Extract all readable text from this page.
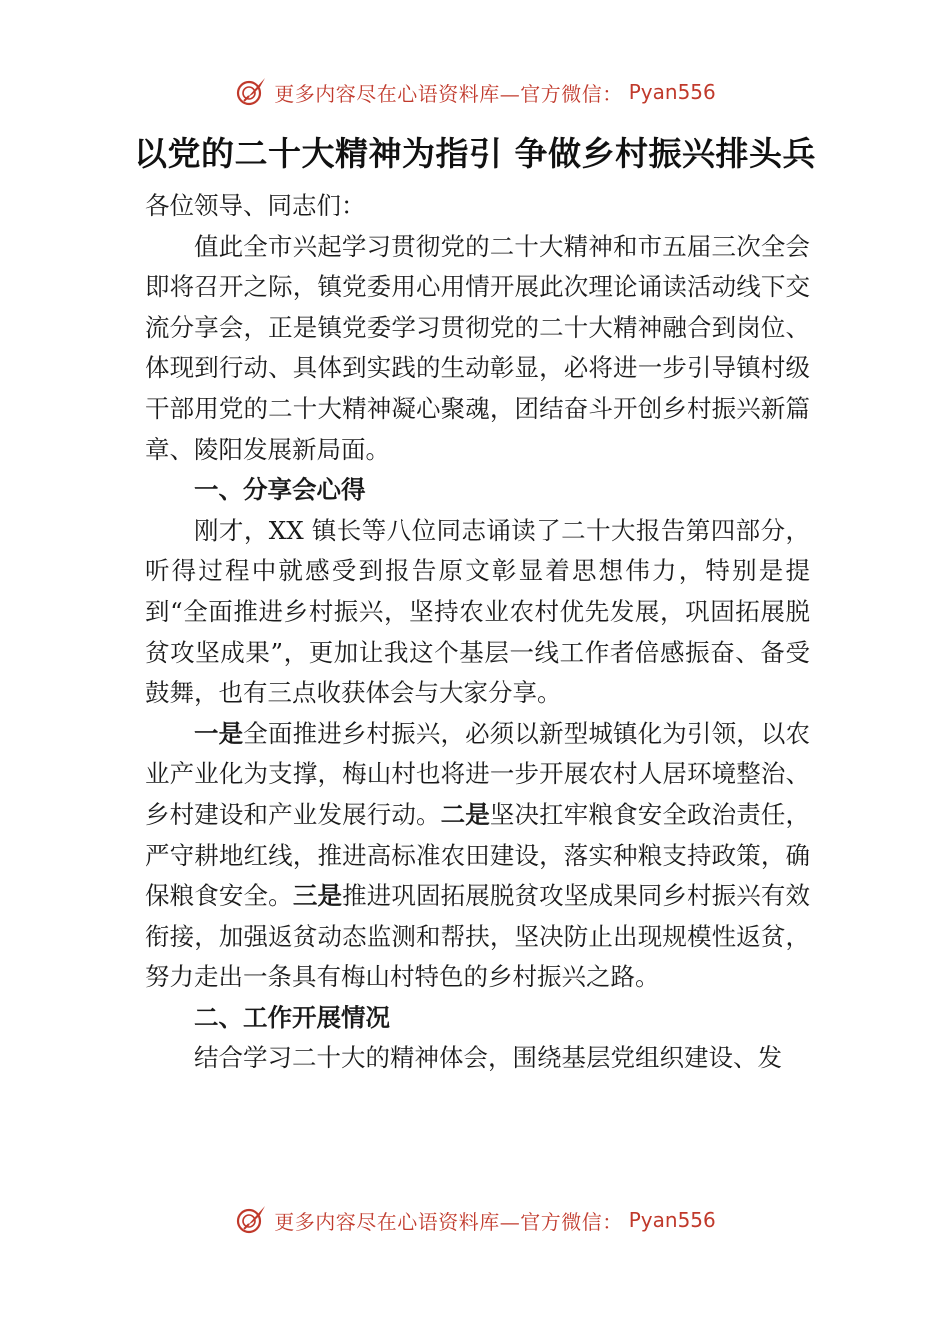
更多内容尽在心语资料库—官方微信： Pyan556
以党的二十大精神为指引 争做乡村振兴排头兵

各位领导、同志们：

值此全市兴起学习贯彻党的二十大精神和市五届三次全会即将召开之际，镇党委用心用情开展此次理论诵读活动线下交流分享会，正是镇党委学习贯彻党的二十大精神融合到岗位、体现到行动、具体到实践的生动彰显，必将进一步引导镇村级干部用党的二十大精神凝心聚魂，团结奋斗开创乡村振兴新篇章、陵阳发展新局面。

一、分享会心得

刚才，XX 镇长等八位同志诵读了二十大报告第四部分，听得过程中就感受到报告原文彰显着思想伟力，特别是提到“全面推进乡村振兴，坚持农业农村优先发展，巩固拓展脱贫攻坚成果”，更加让我这个基层一线工作者倍感振奋、备受鼓舞，也有三点收获体会与大家分享。

一是全面推进乡村振兴，必须以新型城镇化为引领，以农业产业化为支撑，梅山村也将进一步开展农村人居环境整治、乡村建设和产业发展行动。二是坚决扛牢粮食安全政治责任，严守耕地红线，推进高标准农田建设，落实种粮支持政策，确保粮食安全。三是推进巩固拓展脱贫攻坚成果同乡村振兴有效衔接，加强返贫动态监测和帮扶，坚决防止出现规模性返贫，努力走出一条具有梅山村特色的乡村振兴之路。

二、工作开展情况

结合学习二十大的精神体会，围绕基层党组织建设、发

更多内容尽在心语资料库—官方微信： Pyan556
